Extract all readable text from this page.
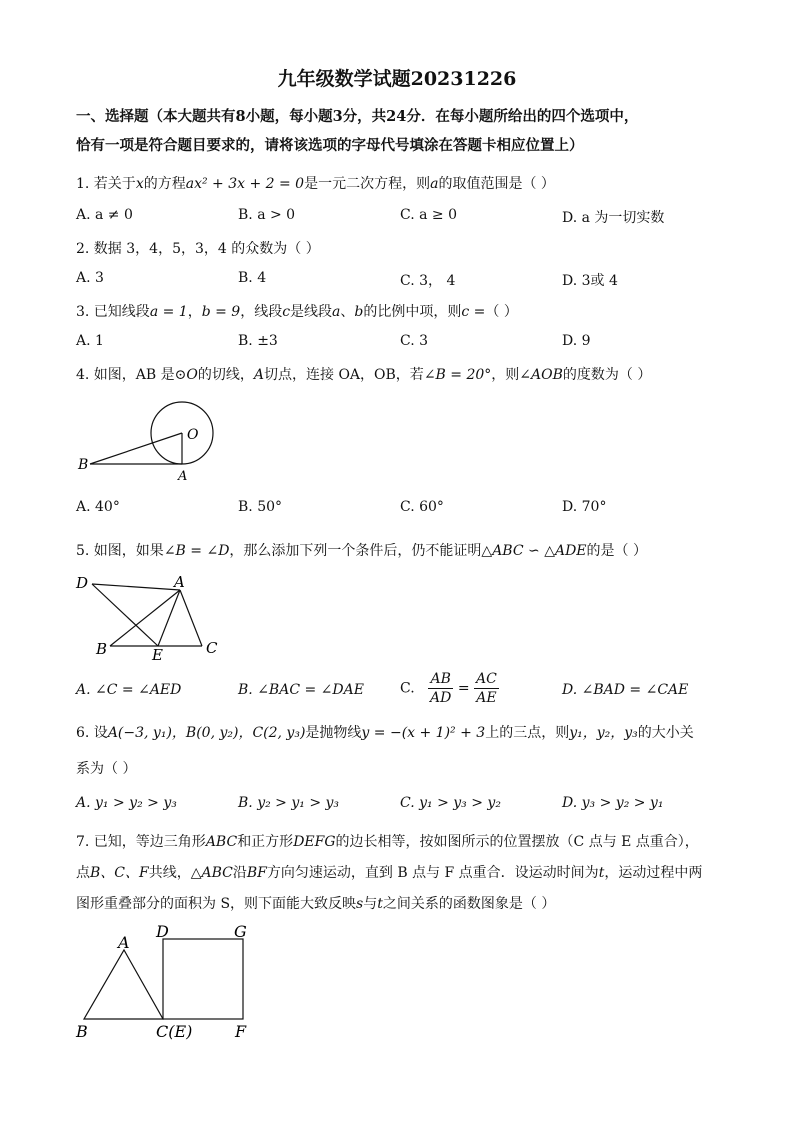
九年级数学试题20231226
一、选择题（本大题共有8小题，每小题3分，共24分．在每小题所给出的四个选项中，
恰有一项是符合题目要求的，请将该选项的字母代号填涂在答题卡相应位置上）
1. 若关于x的方程ax² + 3x + 2 = 0是一元二次方程，则a的取值范围是（ ）
A. a ≠ 0	B. a > 0	C. a ≥ 0	D. a 为一切实数
2. 数据 3，4，5，3，4 的众数为（ ）
A. 3	B. 4	C. 3， 4	D. 3或 4
3. 已知线段a = 1，b = 9，线段c是线段a、b的比例中项，则c =（ ）
A. 1	B. ±3	C. 3	D. 9
4. 如图，AB 是⊙O的切线，A切点，连接 OA，OB，若∠B = 20°，则∠AOB的度数为（ ）
O
A
B
A. 40°	B. 50°	C. 60°	D. 70°
5. 如图，如果∠B = ∠D，那么添加下列一个条件后，仍不能证明△ABC ∽ △ADE的是（ ）
D	A
B	E	C
A. ∠C = ∠AED	B. ∠BAC = ∠DAE	C. $\frac{AB}{AD} = \frac{AC}{AE}$	D. ∠BAD = ∠CAE
6. 设A(−3, y₁)，B(0, y₂)，C(2, y₃)是抛物线y = −(x + 1)² + 3上的三点，则y₁，y₂，y₃的大小关
系为（ ）
A. y₁ > y₂ > y₃	B. y₂ > y₁ > y₃	C. y₁ > y₃ > y₂	D. y₃ > y₂ > y₁
7. 已知，等边三角形ABC和正方形DEFG的边长相等，按如图所示的位置摆放（C 点与 E 点重合），
点B、C、F共线，△ABC沿BF方向匀速运动，直到 B 点与 F 点重合．设运动时间为t，运动过程中两
图形重叠部分的面积为 S，则下面能大致反映s与t之间关系的函数图象是（ ）
A
D	G
B	C(E)	F
